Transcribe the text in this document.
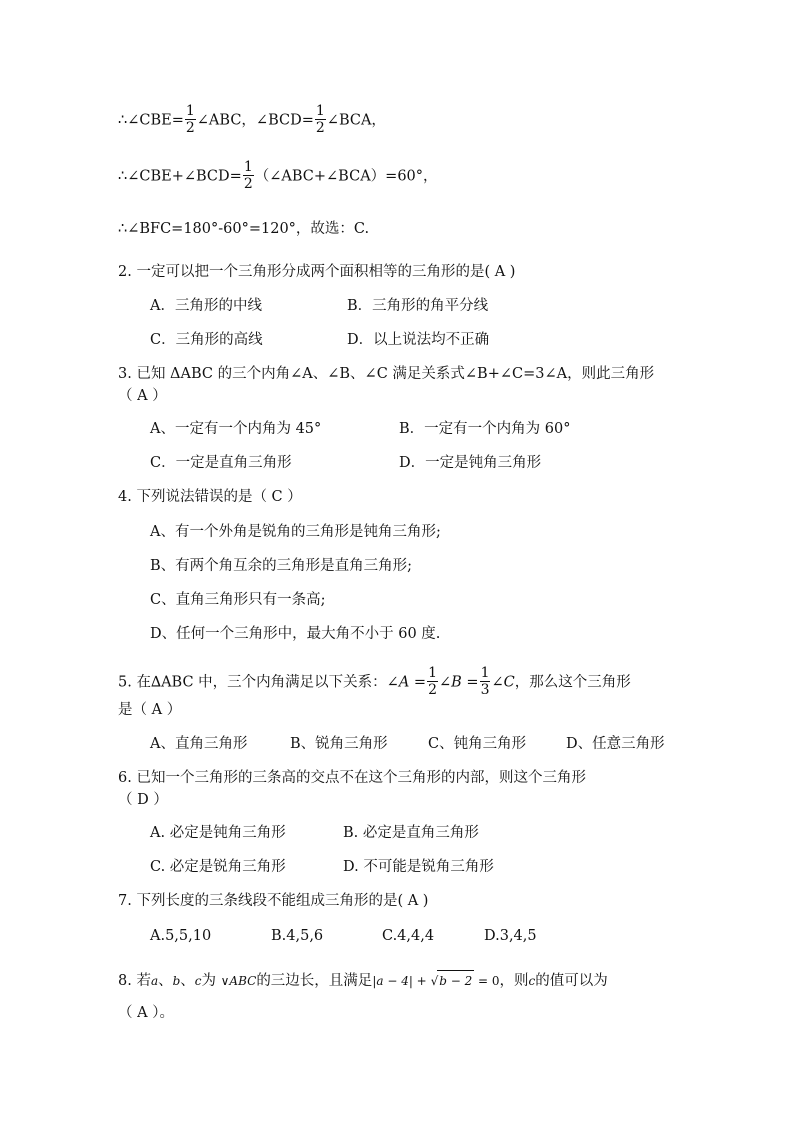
∴∠CBE= $\frac{1}{2}$ ∠ABC，∠BCD= $\frac{1}{2}$ ∠BCA，
∴∠CBE+∠BCD= $\frac{1}{2}$ （∠ABC+∠BCA）=60°，
∴∠BFC=180°-60°=120°，故选：C.
2. 一定可以把一个三角形分成两个面积相等的三角形的是( A )
A．三角形的中线	B．三角形的角平分线
C．三角形的高线	D．以上说法均不正确
3. 已知 ΔABC 的三个内角∠A、∠B、∠C 满足关系式∠B+∠C=3∠A，则此三角形
（ A ）
A、一定有一个内角为 45°	B．一定有一个内角为 60°
C．一定是直角三角形	D．一定是钝角三角形
4. 下列说法错误的是（ C ）
A、有一个外角是锐角的三角形是钝角三角形;
B、有两个角互余的三角形是直角三角形;
C、直角三角形只有一条高;
D、任何一个三角形中，最大角不小于 60 度.
5. 在∆ABC 中，三个内角满足以下关系：∠A = $\frac{1}{2}$ ∠B = $\frac{1}{3}$ ∠C，那么这个三角形
是（ A ）
A、直角三角形	B、锐角三角形	C、钝角三角形	D、任意三角形
6. 已知一个三角形的三条高的交点不在这个三角形的内部，则这个三角形
（ D ）
A. 必定是钝角三角形	B. 必定是直角三角形
C. 必定是锐角三角形	D. 不可能是锐角三角形
7. 下列长度的三条线段不能组成三角形的是( A )
A.5,5,10	B.4,5,6	C.4,4,4	D.3,4,5
8. 若a、b、c为 ∨ABC的三边长，且满足|a − 4| + √b − 2 = 0，则c的值可以为
（ A ）。
